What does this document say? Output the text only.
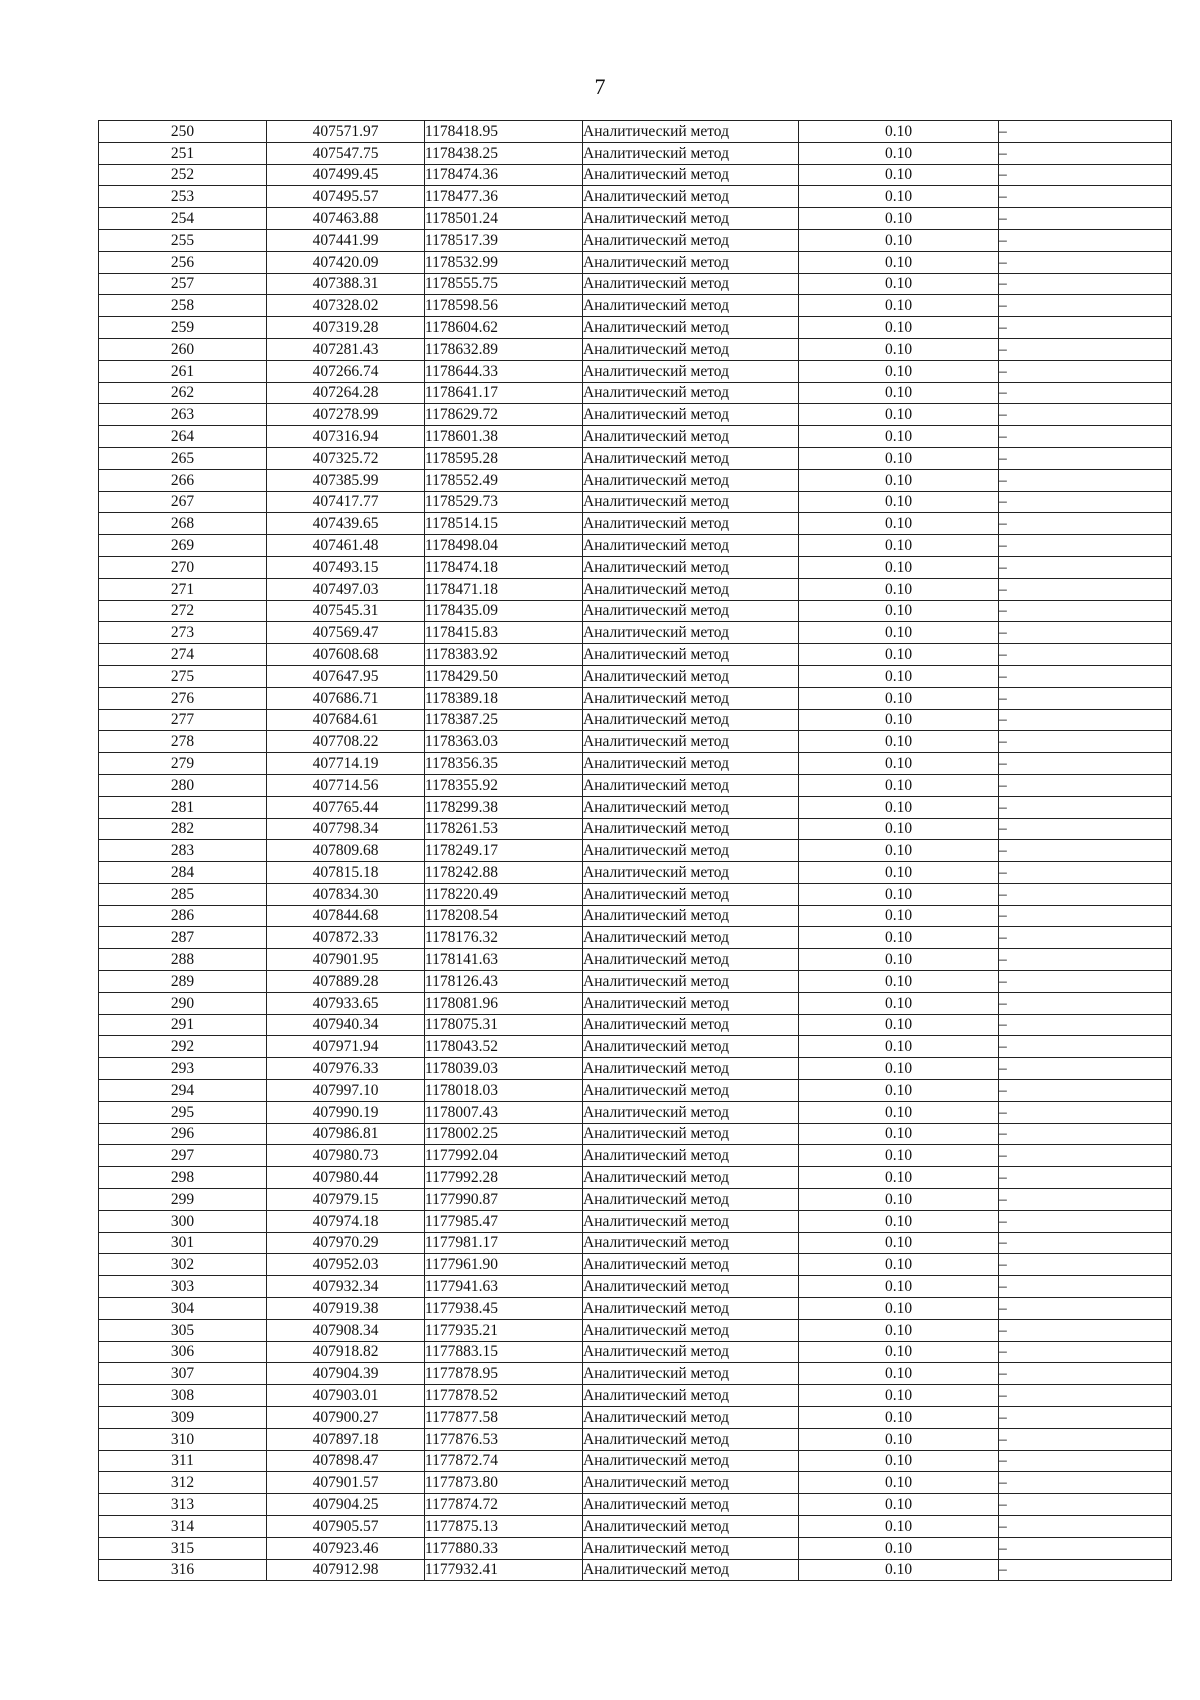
7
250	407571.97	1178418.95	Аналитический метод	0.10	–
251	407547.75	1178438.25	Аналитический метод	0.10	–
252	407499.45	1178474.36	Аналитический метод	0.10	–
253	407495.57	1178477.36	Аналитический метод	0.10	–
254	407463.88	1178501.24	Аналитический метод	0.10	–
255	407441.99	1178517.39	Аналитический метод	0.10	–
256	407420.09	1178532.99	Аналитический метод	0.10	–
257	407388.31	1178555.75	Аналитический метод	0.10	–
258	407328.02	1178598.56	Аналитический метод	0.10	–
259	407319.28	1178604.62	Аналитический метод	0.10	–
260	407281.43	1178632.89	Аналитический метод	0.10	–
261	407266.74	1178644.33	Аналитический метод	0.10	–
262	407264.28	1178641.17	Аналитический метод	0.10	–
263	407278.99	1178629.72	Аналитический метод	0.10	–
264	407316.94	1178601.38	Аналитический метод	0.10	–
265	407325.72	1178595.28	Аналитический метод	0.10	–
266	407385.99	1178552.49	Аналитический метод	0.10	–
267	407417.77	1178529.73	Аналитический метод	0.10	–
268	407439.65	1178514.15	Аналитический метод	0.10	–
269	407461.48	1178498.04	Аналитический метод	0.10	–
270	407493.15	1178474.18	Аналитический метод	0.10	–
271	407497.03	1178471.18	Аналитический метод	0.10	–
272	407545.31	1178435.09	Аналитический метод	0.10	–
273	407569.47	1178415.83	Аналитический метод	0.10	–
274	407608.68	1178383.92	Аналитический метод	0.10	–
275	407647.95	1178429.50	Аналитический метод	0.10	–
276	407686.71	1178389.18	Аналитический метод	0.10	–
277	407684.61	1178387.25	Аналитический метод	0.10	–
278	407708.22	1178363.03	Аналитический метод	0.10	–
279	407714.19	1178356.35	Аналитический метод	0.10	–
280	407714.56	1178355.92	Аналитический метод	0.10	–
281	407765.44	1178299.38	Аналитический метод	0.10	–
282	407798.34	1178261.53	Аналитический метод	0.10	–
283	407809.68	1178249.17	Аналитический метод	0.10	–
284	407815.18	1178242.88	Аналитический метод	0.10	–
285	407834.30	1178220.49	Аналитический метод	0.10	–
286	407844.68	1178208.54	Аналитический метод	0.10	–
287	407872.33	1178176.32	Аналитический метод	0.10	–
288	407901.95	1178141.63	Аналитический метод	0.10	–
289	407889.28	1178126.43	Аналитический метод	0.10	–
290	407933.65	1178081.96	Аналитический метод	0.10	–
291	407940.34	1178075.31	Аналитический метод	0.10	–
292	407971.94	1178043.52	Аналитический метод	0.10	–
293	407976.33	1178039.03	Аналитический метод	0.10	–
294	407997.10	1178018.03	Аналитический метод	0.10	–
295	407990.19	1178007.43	Аналитический метод	0.10	–
296	407986.81	1178002.25	Аналитический метод	0.10	–
297	407980.73	1177992.04	Аналитический метод	0.10	–
298	407980.44	1177992.28	Аналитический метод	0.10	–
299	407979.15	1177990.87	Аналитический метод	0.10	–
300	407974.18	1177985.47	Аналитический метод	0.10	–
301	407970.29	1177981.17	Аналитический метод	0.10	–
302	407952.03	1177961.90	Аналитический метод	0.10	–
303	407932.34	1177941.63	Аналитический метод	0.10	–
304	407919.38	1177938.45	Аналитический метод	0.10	–
305	407908.34	1177935.21	Аналитический метод	0.10	–
306	407918.82	1177883.15	Аналитический метод	0.10	–
307	407904.39	1177878.95	Аналитический метод	0.10	–
308	407903.01	1177878.52	Аналитический метод	0.10	–
309	407900.27	1177877.58	Аналитический метод	0.10	–
310	407897.18	1177876.53	Аналитический метод	0.10	–
311	407898.47	1177872.74	Аналитический метод	0.10	–
312	407901.57	1177873.80	Аналитический метод	0.10	–
313	407904.25	1177874.72	Аналитический метод	0.10	–
314	407905.57	1177875.13	Аналитический метод	0.10	–
315	407923.46	1177880.33	Аналитический метод	0.10	–
316	407912.98	1177932.41	Аналитический метод	0.10	–
